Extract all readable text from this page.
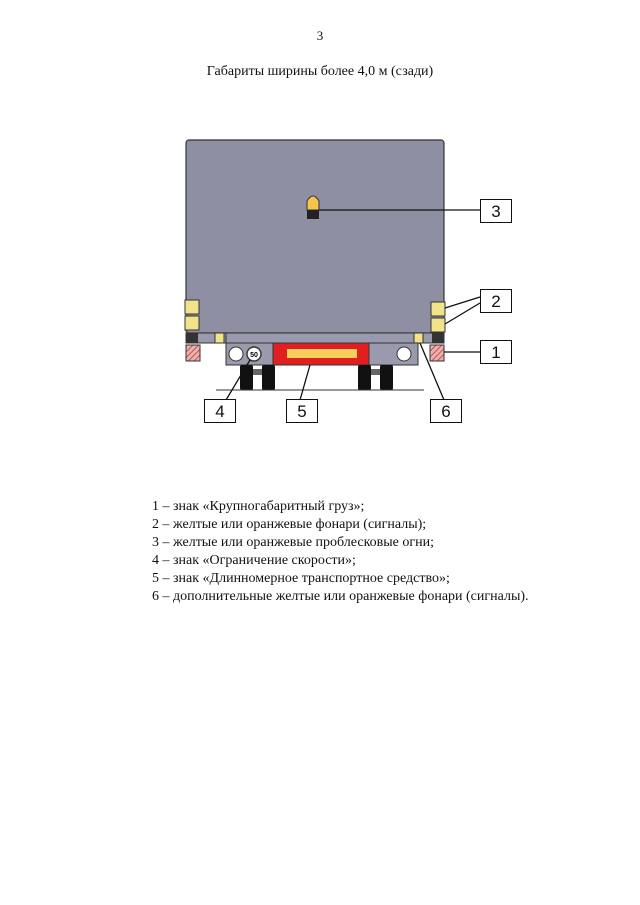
3
Габариты ширины более 4,0 м (сзади)
50
3
2
1
4	5	6
1 – знак «Крупногабаритный груз»;
2 – желтые или оранжевые фонари (сигналы);
3 – желтые или оранжевые проблесковые огни;
4 – знак «Ограничение скорости»;
5 – знак «Длинномерное транспортное средство»;
6 – дополнительные желтые или оранжевые фонари (сигналы).
